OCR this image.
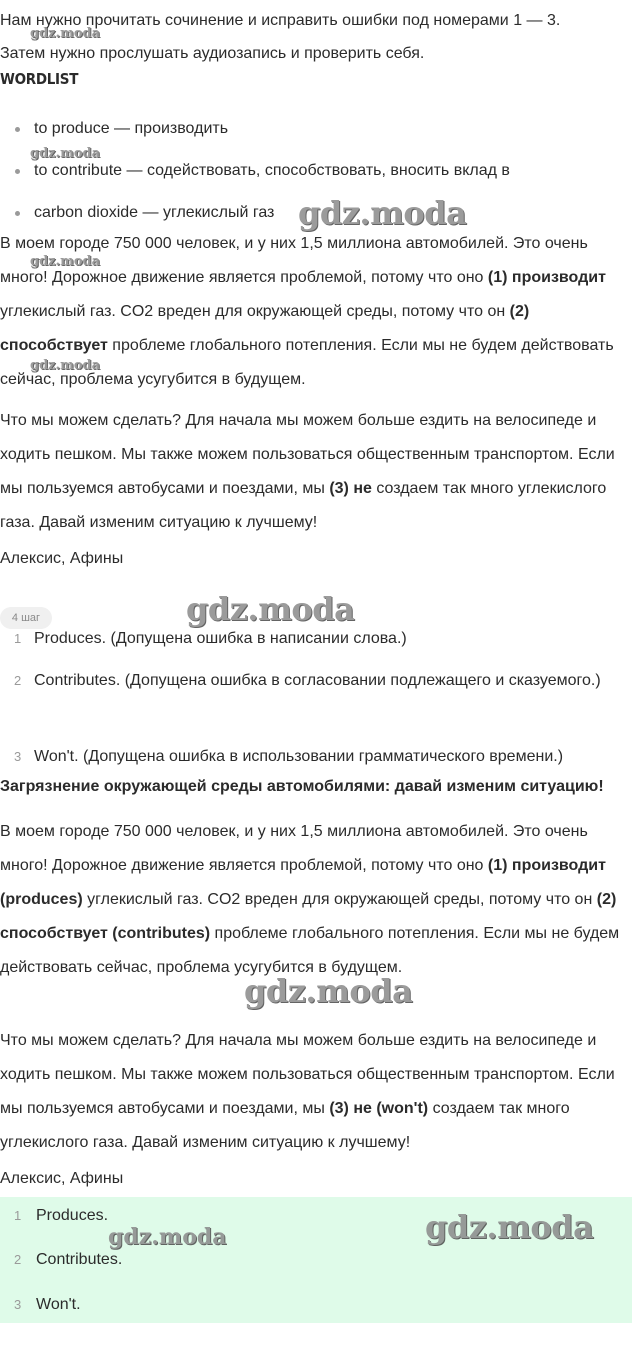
Нам нужно прочитать сочинение и исправить ошибки под номерами 1 — 3.

Затем нужно прослушать аудиозапись и проверить себя.

WORDLIST
to produce — производить
to contribute — содействовать, способствовать, вносить вклад в
carbon dioxide — углекислый газ
В моем городе 750 000 человек, и у них 1,5 миллиона автомобилей. Это очень много! Дорожное движение является проблемой, потому что оно (1) производит углекислый газ. CO2 вреден для окружающей среды, потому что он (2) способствует проблеме глобального потепления. Если мы не будем действовать сейчас, проблема усугубится в будущем.
Что мы можем сделать? Для начала мы можем больше ездить на велосипеде и ходить пешком. Мы также можем пользоваться общественным транспортом. Если мы пользуемся автобусами и поездами, мы (3) не создаем так много углекислого газа. Давай изменим ситуацию к лучшему!
Алексис, Афины
4 шаг
1 Produces. (Допущена ошибка в написании слова.)
2 Contributes. (Допущена ошибка в согласовании подлежащего и сказуемого.)
3 Won't. (Допущена ошибка в использовании грамматического времени.)
Загрязнение окружающей среды автомобилями: давай изменим ситуацию!
В моем городе 750 000 человек, и у них 1,5 миллиона автомобилей. Это очень много! Дорожное движение является проблемой, потому что оно (1) производит (produces) углекислый газ. CO2 вреден для окружающей среды, потому что он (2) способствует (contributes) проблеме глобального потепления. Если мы не будем действовать сейчас, проблема усугубится в будущем.
Что мы можем сделать? Для начала мы можем больше ездить на велосипеде и ходить пешком. Мы также можем пользоваться общественным транспортом. Если мы пользуемся автобусами и поездами, мы (3) не (won't) создаем так много углекислого газа. Давай изменим ситуацию к лучшему!
Алексис, Афины
1 Produces.
2 Contributes.
3 Won't.
gdz.moda
gdz.moda
gdz.moda
gdz.moda
gdz.moda
gdz.moda
gdz.moda
gdz.moda
gdz.moda
